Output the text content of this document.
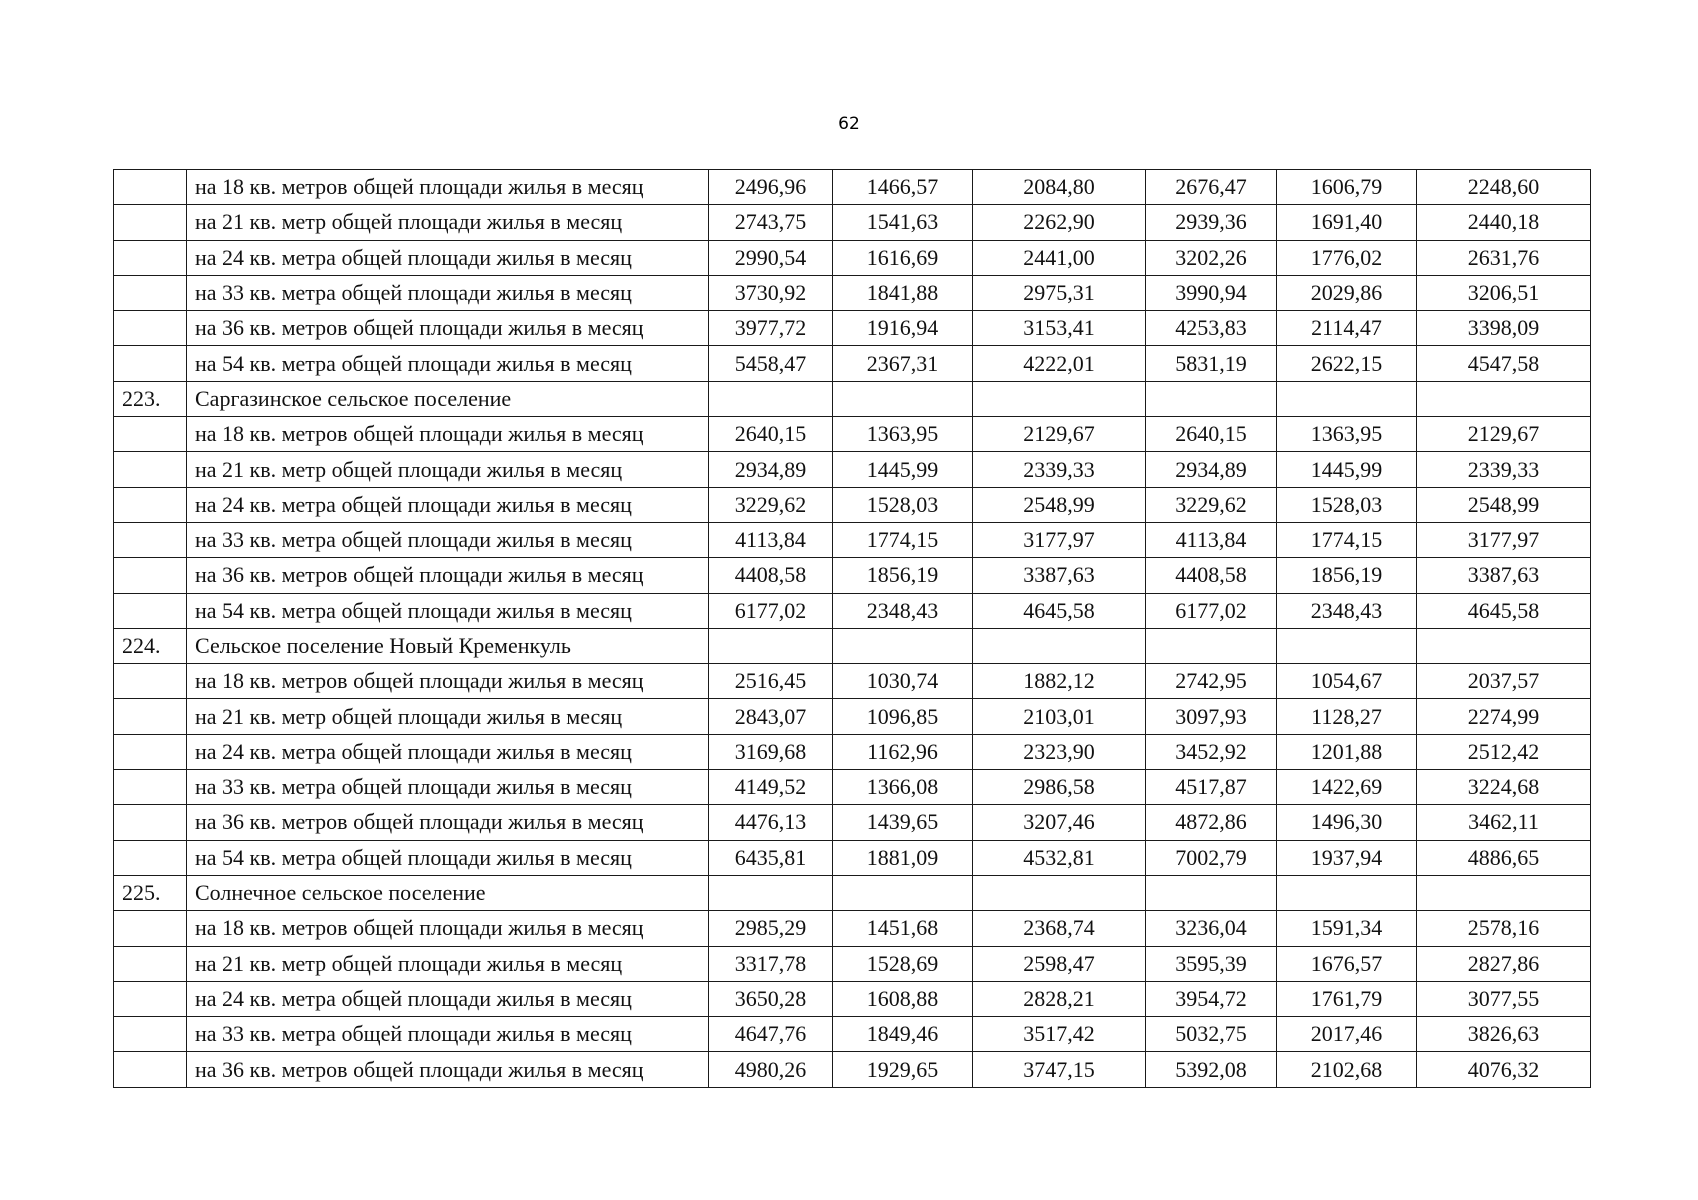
62
	на 18 кв. метров общей площади жилья в месяц	2496,96	1466,57	2084,80	2676,47	1606,79	2248,60
	на 21 кв. метр общей площади жилья в месяц	2743,75	1541,63	2262,90	2939,36	1691,40	2440,18
	на 24 кв. метра общей площади жилья в месяц	2990,54	1616,69	2441,00	3202,26	1776,02	2631,76
	на 33 кв. метра общей площади жилья в месяц	3730,92	1841,88	2975,31	3990,94	2029,86	3206,51
	на 36 кв. метров общей площади жилья в месяц	3977,72	1916,94	3153,41	4253,83	2114,47	3398,09
	на 54 кв. метра общей площади жилья в месяц	5458,47	2367,31	4222,01	5831,19	2622,15	4547,58
223.	Саргазинское сельское поселение						
	на 18 кв. метров общей площади жилья в месяц	2640,15	1363,95	2129,67	2640,15	1363,95	2129,67
	на 21 кв. метр общей площади жилья в месяц	2934,89	1445,99	2339,33	2934,89	1445,99	2339,33
	на 24 кв. метра общей площади жилья в месяц	3229,62	1528,03	2548,99	3229,62	1528,03	2548,99
	на 33 кв. метра общей площади жилья в месяц	4113,84	1774,15	3177,97	4113,84	1774,15	3177,97
	на 36 кв. метров общей площади жилья в месяц	4408,58	1856,19	3387,63	4408,58	1856,19	3387,63
	на 54 кв. метра общей площади жилья в месяц	6177,02	2348,43	4645,58	6177,02	2348,43	4645,58
224.	Сельское поселение Новый Кременкуль						
	на 18 кв. метров общей площади жилья в месяц	2516,45	1030,74	1882,12	2742,95	1054,67	2037,57
	на 21 кв. метр общей площади жилья в месяц	2843,07	1096,85	2103,01	3097,93	1128,27	2274,99
	на 24 кв. метра общей площади жилья в месяц	3169,68	1162,96	2323,90	3452,92	1201,88	2512,42
	на 33 кв. метра общей площади жилья в месяц	4149,52	1366,08	2986,58	4517,87	1422,69	3224,68
	на 36 кв. метров общей площади жилья в месяц	4476,13	1439,65	3207,46	4872,86	1496,30	3462,11
	на 54 кв. метра общей площади жилья в месяц	6435,81	1881,09	4532,81	7002,79	1937,94	4886,65
225.	Солнечное сельское поселение						
	на 18 кв. метров общей площади жилья в месяц	2985,29	1451,68	2368,74	3236,04	1591,34	2578,16
	на 21 кв. метр общей площади жилья в месяц	3317,78	1528,69	2598,47	3595,39	1676,57	2827,86
	на 24 кв. метра общей площади жилья в месяц	3650,28	1608,88	2828,21	3954,72	1761,79	3077,55
	на 33 кв. метра общей площади жилья в месяц	4647,76	1849,46	3517,42	5032,75	2017,46	3826,63
	на 36 кв. метров общей площади жилья в месяц	4980,26	1929,65	3747,15	5392,08	2102,68	4076,32
